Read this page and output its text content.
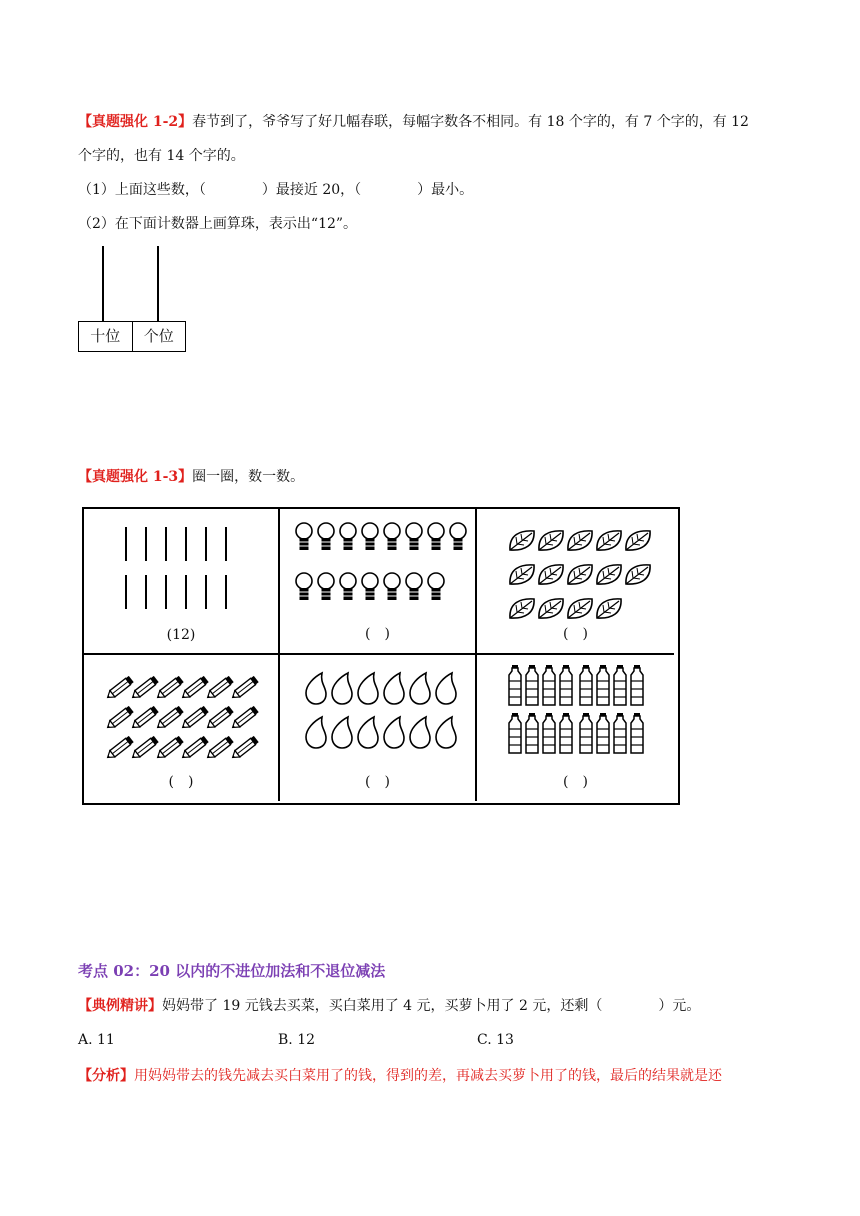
【真题强化 1-2】春节到了，爷爷写了好几幅春联，每幅字数各不相同。有 18 个字的，有 7 个字的，有 12
个字的，也有 14 个字的。
（1）上面这些数，（　　　　）最接近 20，（　　　　）最小。
（2）在下面计数器上画算珠，表示出“12”。
十位	个位
【真题强化 1-3】圈一圈，数一数。
(12)	(　)	(　)
(　)	(　)	(　)
考点 02：20 以内的不进位加法和不退位减法
【典例精讲】妈妈带了 19 元钱去买菜，买白菜用了 4 元，买萝卜用了 2 元，还剩（　　　　）元。
A. 11	B. 12	C. 13
【分析】用妈妈带去的钱先减去买白菜用了的钱，得到的差，再减去买萝卜用了的钱，最后的结果就是还
